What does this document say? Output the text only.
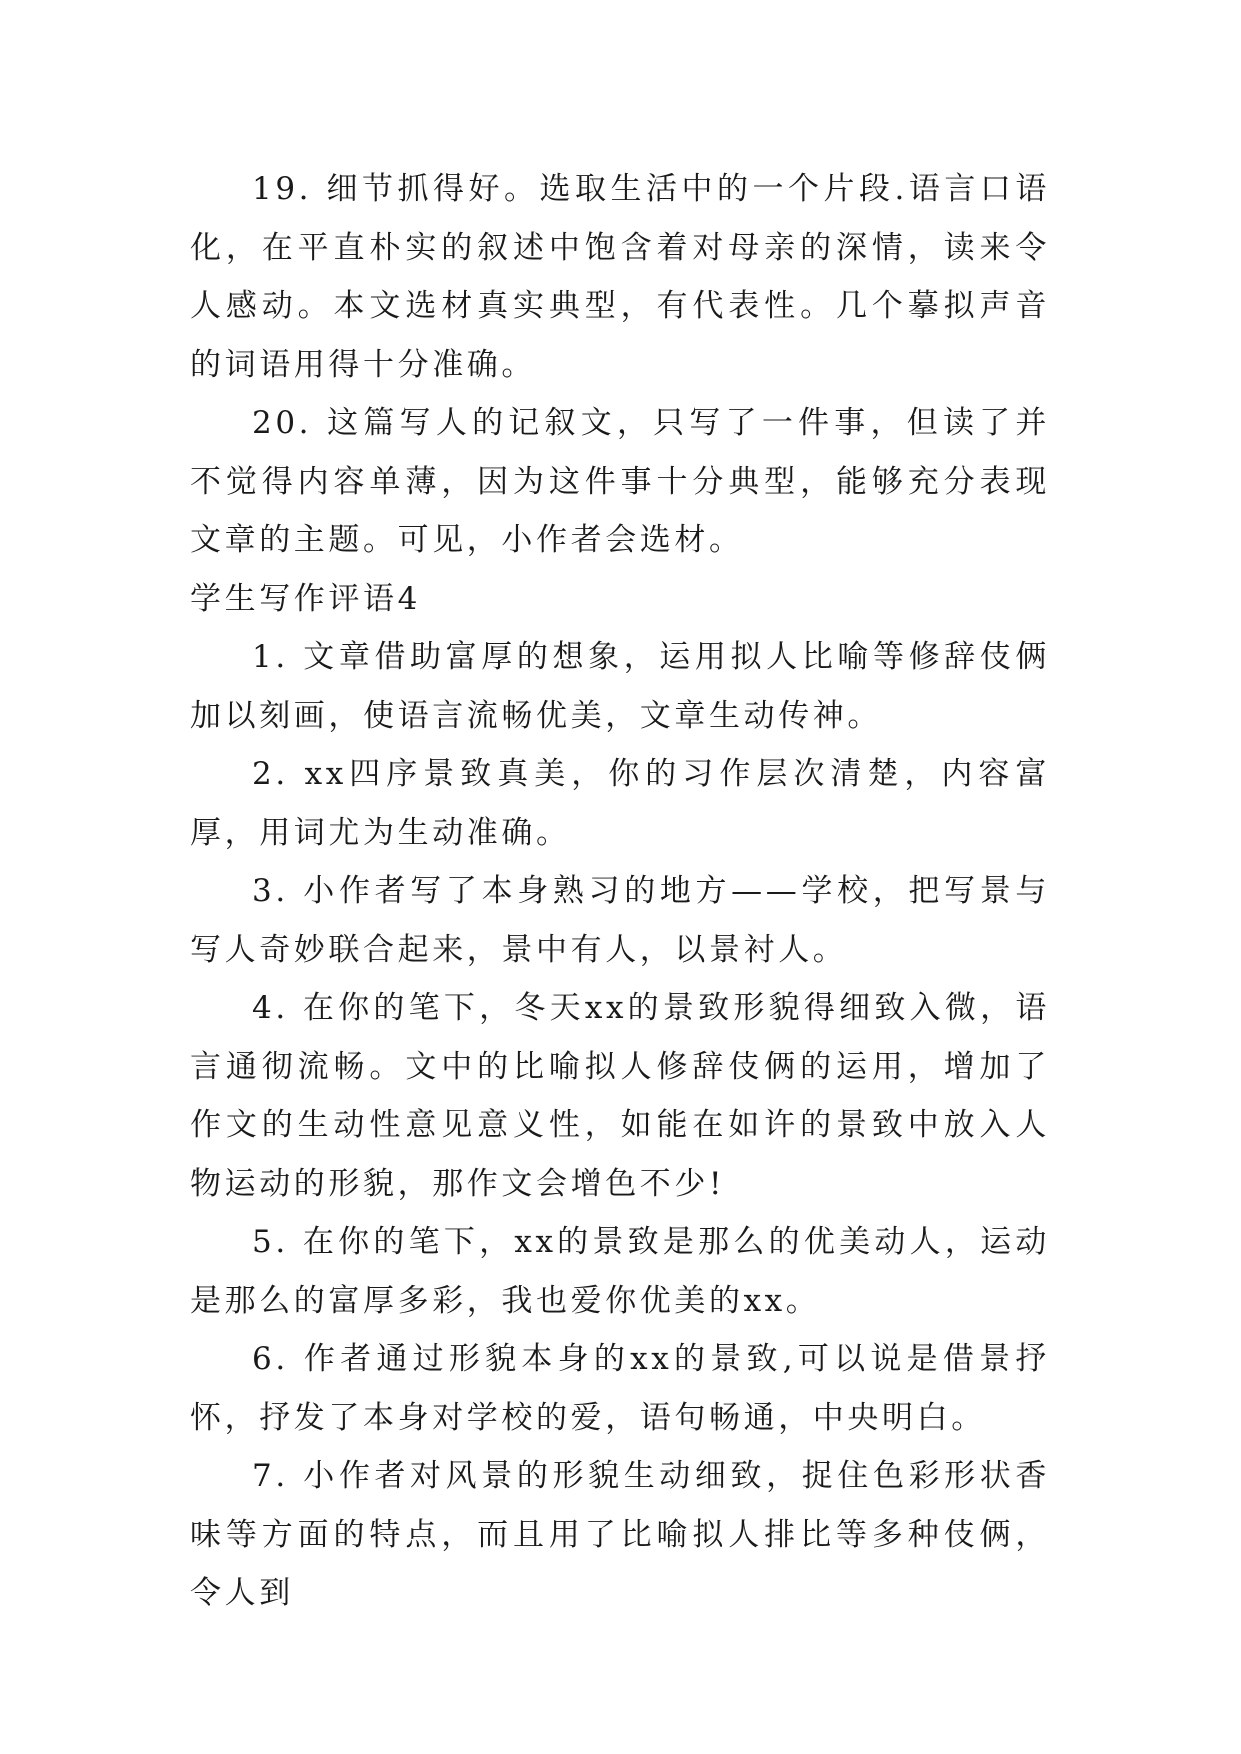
19. 细节抓得好。选取生活中的一个片段.语言口语化，在平直朴实的叙述中饱含着对母亲的深情，读来令人感动。本文选材真实典型，有代表性。几个摹拟声音的词语用得十分准确。

20. 这篇写人的记叙文，只写了一件事，但读了并不觉得内容单薄，因为这件事十分典型，能够充分表现文章的主题。可见，小作者会选材。

学生写作评语4

1. 文章借助富厚的想象，运用拟人比喻等修辞伎俩加以刻画，使语言流畅优美，文章生动传神。

2. xx四序景致真美，你的习作层次清楚，内容富厚，用词尤为生动准确。

3. 小作者写了本身熟习的地方——学校，把写景与写人奇妙联合起来，景中有人，以景衬人。

4. 在你的笔下，冬天xx的景致形貌得细致入微，语言通彻流畅。文中的比喻拟人修辞伎俩的运用，增加了作文的生动性意见意义性，如能在如许的景致中放入人物运动的形貌，那作文会增色不少!

5. 在你的笔下，xx的景致是那么的优美动人，运动是那么的富厚多彩，我也爱你优美的xx。

6. 作者通过形貌本身的xx的景致,可以说是借景抒怀，抒发了本身对学校的爱，语句畅通，中央明白。

7. 小作者对风景的形貌生动细致，捉住色彩形状香味等方面的特点，而且用了比喻拟人排比等多种伎俩，令人到
